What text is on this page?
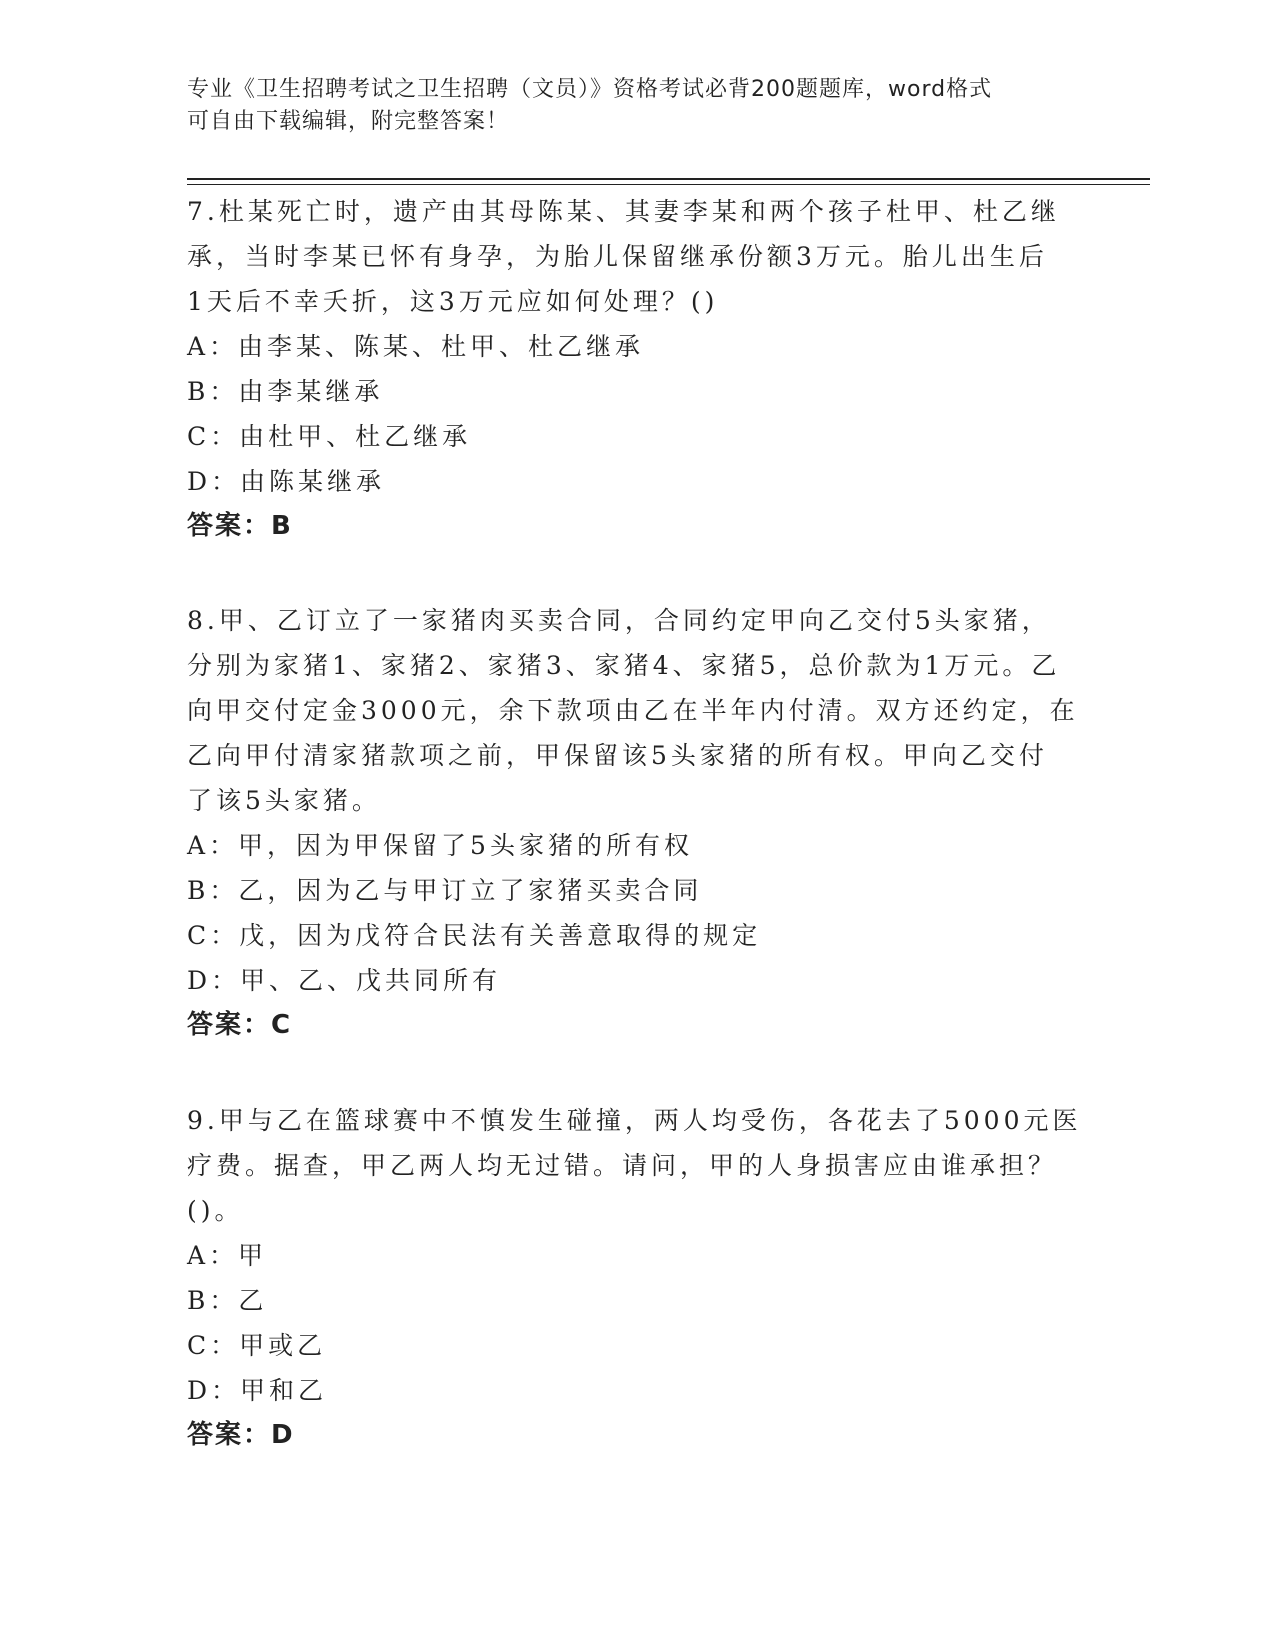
专业《卫生招聘考试之卫生招聘（文员）》资格考试必背200题题库，word格式
可自由下载编辑，附完整答案！
7.杜某死亡时，遗产由其母陈某、其妻李某和两个孩子杜甲、杜乙继
承，当时李某已怀有身孕，为胎儿保留继承份额3万元。胎儿出生后
1天后不幸夭折，这3万元应如何处理？()
A：由李某、陈某、杜甲、杜乙继承
B：由李某继承
C：由杜甲、杜乙继承
D：由陈某继承
答案：B
8.甲、乙订立了一家猪肉买卖合同，合同约定甲向乙交付5头家猪，
分别为家猪1、家猪2、家猪3、家猪4、家猪5，总价款为1万元。乙
向甲交付定金3000元，余下款项由乙在半年内付清。双方还约定，在
乙向甲付清家猪款项之前，甲保留该5头家猪的所有权。甲向乙交付
了该5头家猪。
A：甲，因为甲保留了5头家猪的所有权
B：乙，因为乙与甲订立了家猪买卖合同
C：戊，因为戊符合民法有关善意取得的规定
D：甲、乙、戊共同所有
答案：C
9.甲与乙在篮球赛中不慎发生碰撞，两人均受伤，各花去了5000元医
疗费。据查，甲乙两人均无过错。请问，甲的人身损害应由谁承担？
()。
A：甲
B：乙
C：甲或乙
D：甲和乙
答案：D
